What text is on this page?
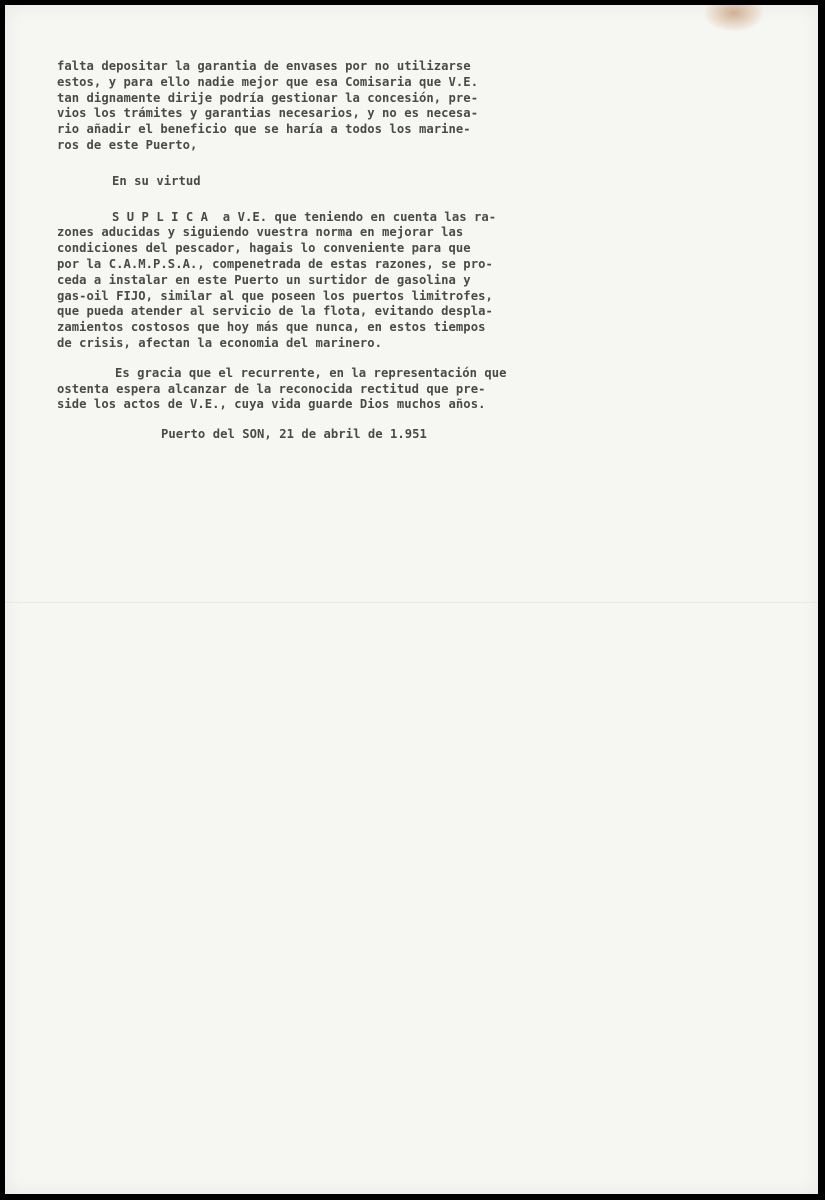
falta depositar la garantia de envases por no utilizarse
estos, y para ello nadie mejor que esa Comisaria que V.E.
tan dignamente dirije podría gestionar la concesión, pre-
vios los trámites y garantias necesarios, y no es necesa-
rio añadir el beneficio que se haría a todos los marine-
ros de este Puerto,
En su virtud
S U P L I C A  a V.E. que teniendo en cuenta las ra-
zones aducidas y siguiendo vuestra norma en mejorar las
condiciones del pescador, hagais lo conveniente para que
por la C.A.M.P.S.A., compenetrada de estas razones, se pro-
ceda a instalar en este Puerto un surtidor de gasolina y
gas-oil FIJO, similar al que poseen los puertos limitrofes,
que pueda atender al servicio de la flota, evitando despla-
zamientos costosos que hoy más que nunca, en estos tiempos
de crisis, afectan la economia del marinero.
Es gracia que el recurrente, en la representación que
ostenta espera alcanzar de la reconocida rectitud que pre-
side los actos de V.E., cuya vida guarde Dios muchos años.
Puerto del SON, 21 de abril de 1.951
